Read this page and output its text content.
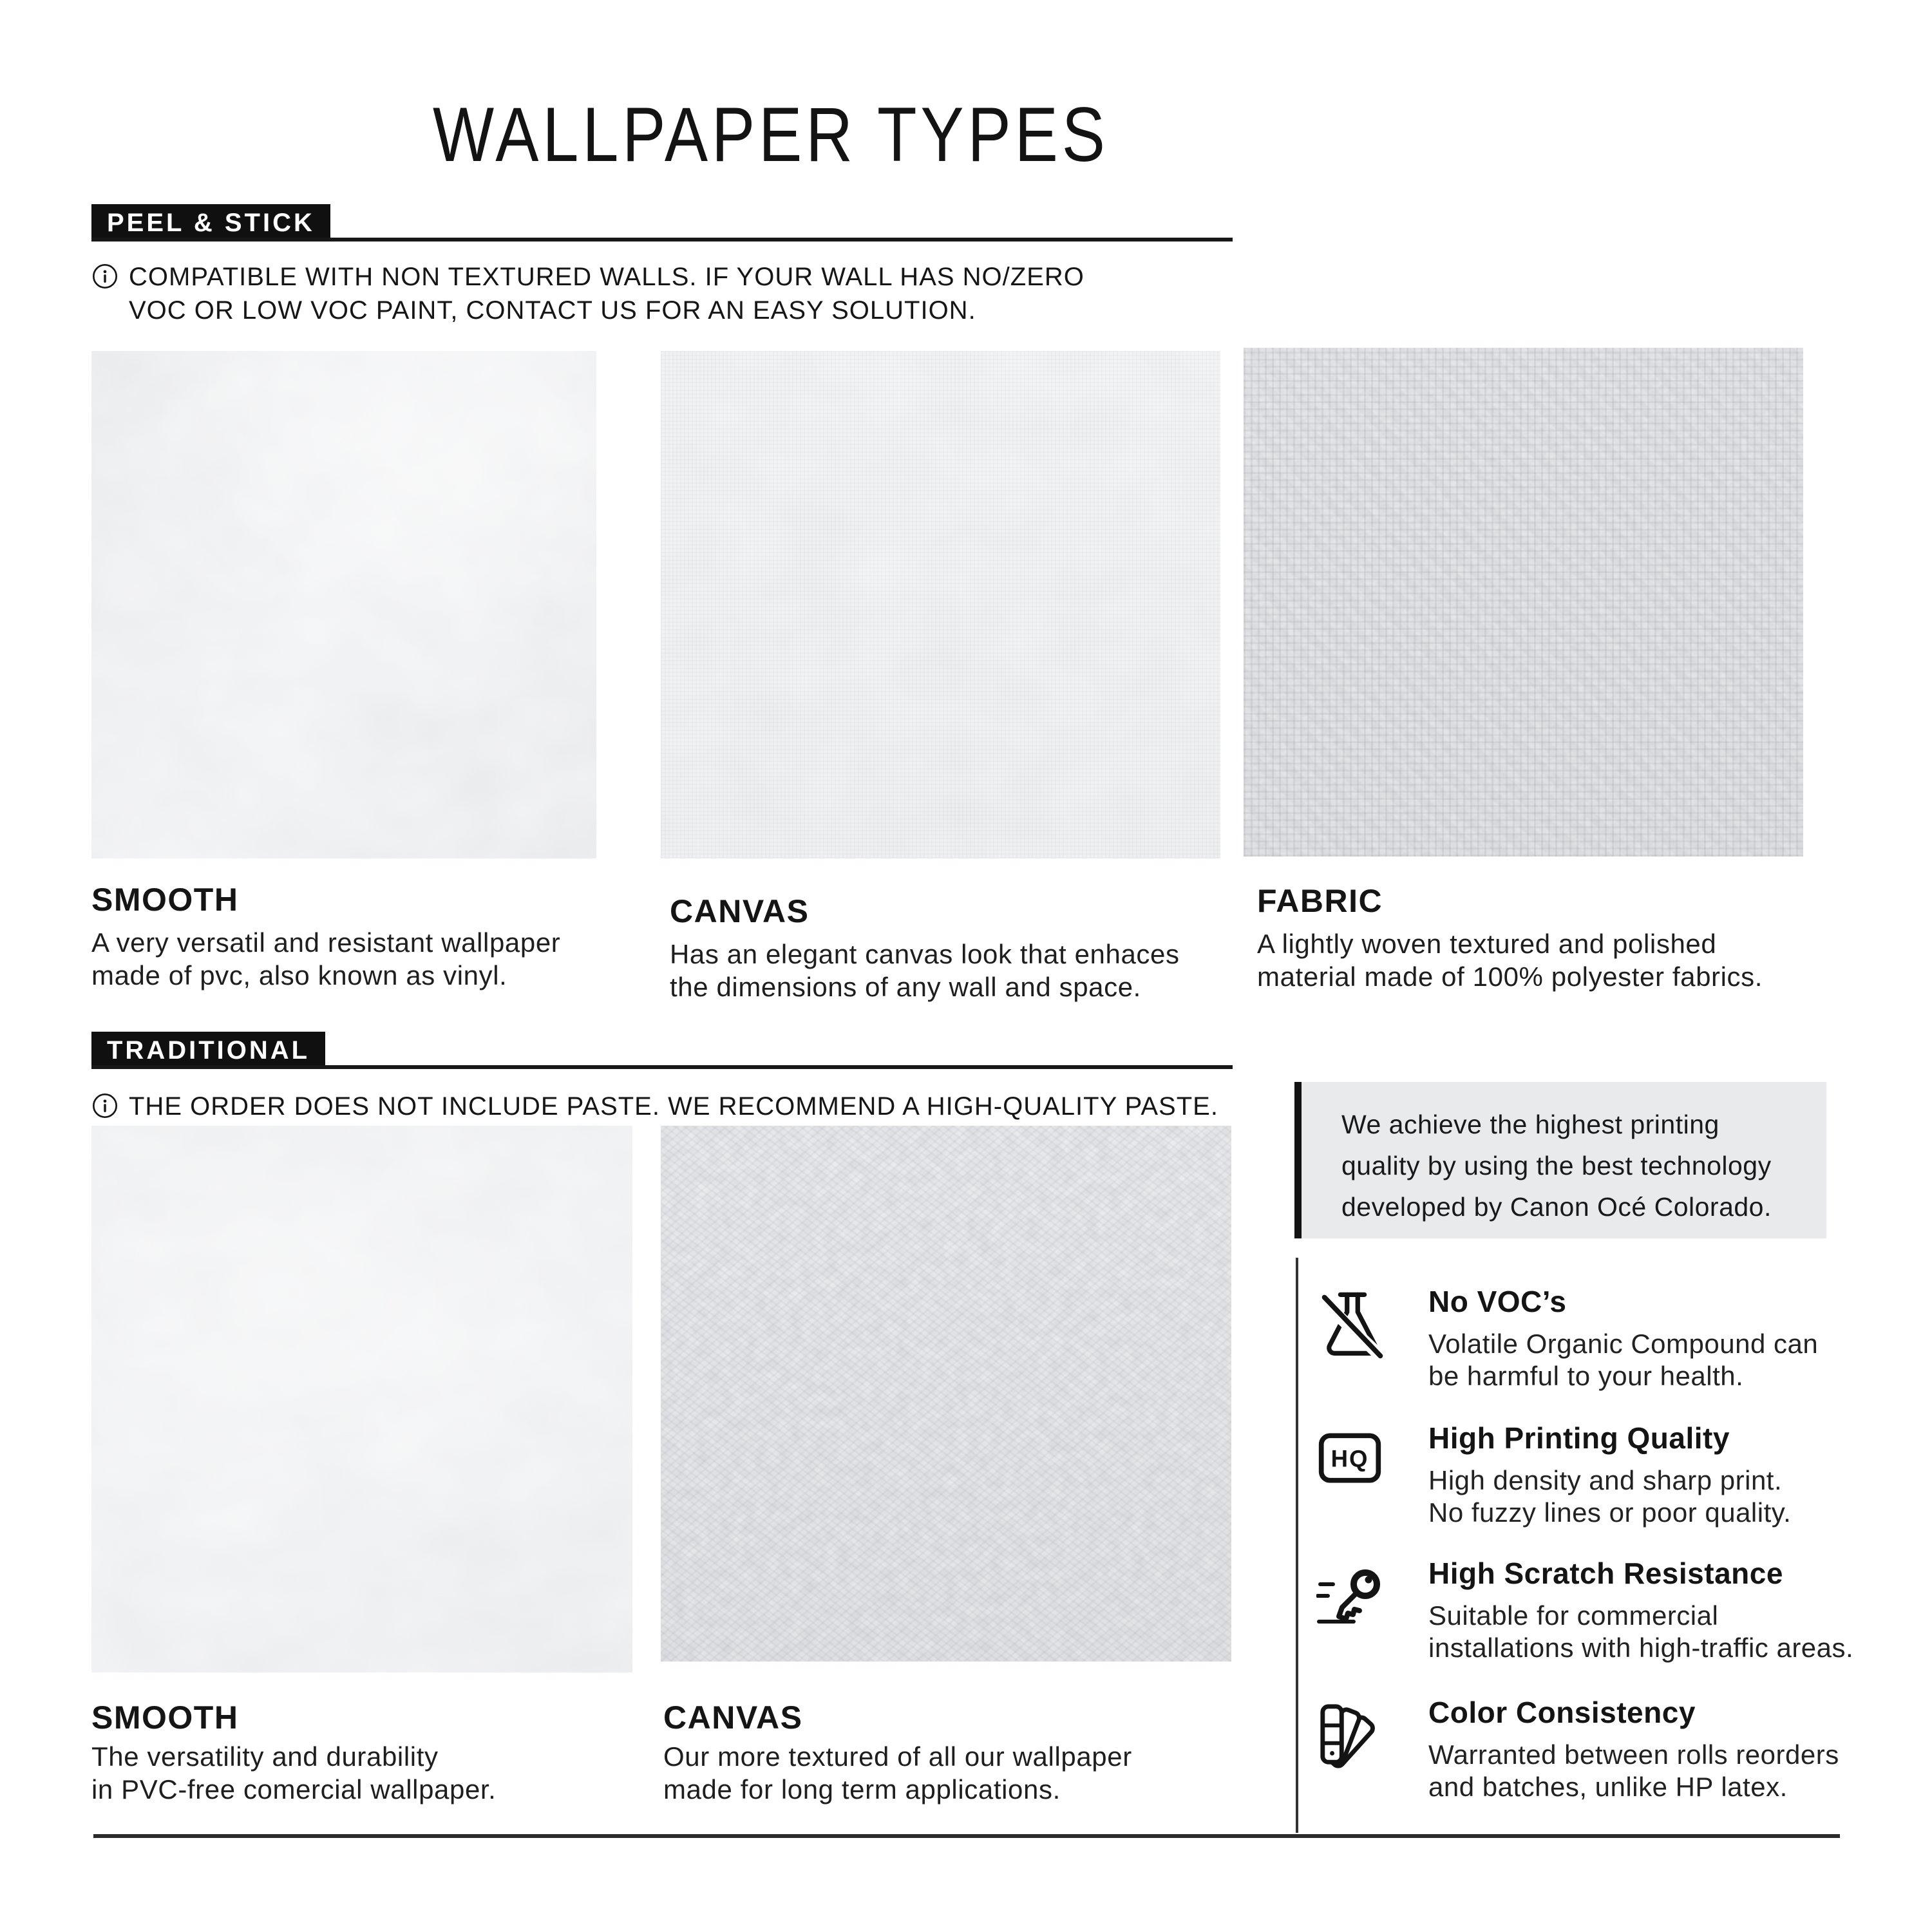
WALLPAPER TYPES
PEEL & STICK
COMPATIBLE WITH NON TEXTURED WALLS. IF YOUR WALL HAS NO/ZERO
VOC OR LOW VOC PAINT, CONTACT US FOR AN EASY SOLUTION.
SMOOTH
A very versatil and resistant wallpaper
made of pvc, also known as vinyl.
CANVAS
Has an elegant canvas look that enhaces
the dimensions of any wall and space.
FABRIC
A lightly woven textured and polished
material made of 100% polyester fabrics.
TRADITIONAL
THE ORDER DOES NOT INCLUDE PASTE. WE RECOMMEND A HIGH-QUALITY PASTE.
SMOOTH
The versatility and durability
in PVC-free comercial wallpaper.
CANVAS
Our more textured of all our wallpaper
made for long term applications.
We achieve the highest printing
quality by using the best technology
developed by Canon Océ Colorado.
No VOC’s
Volatile Organic Compound can
be harmful to your health.
HQ
High Printing Quality
High density and sharp print.
No fuzzy lines or poor quality.
High Scratch Resistance
Suitable for commercial
installations with high-traffic areas.
Color Consistency
Warranted between rolls reorders
and batches, unlike HP latex.
